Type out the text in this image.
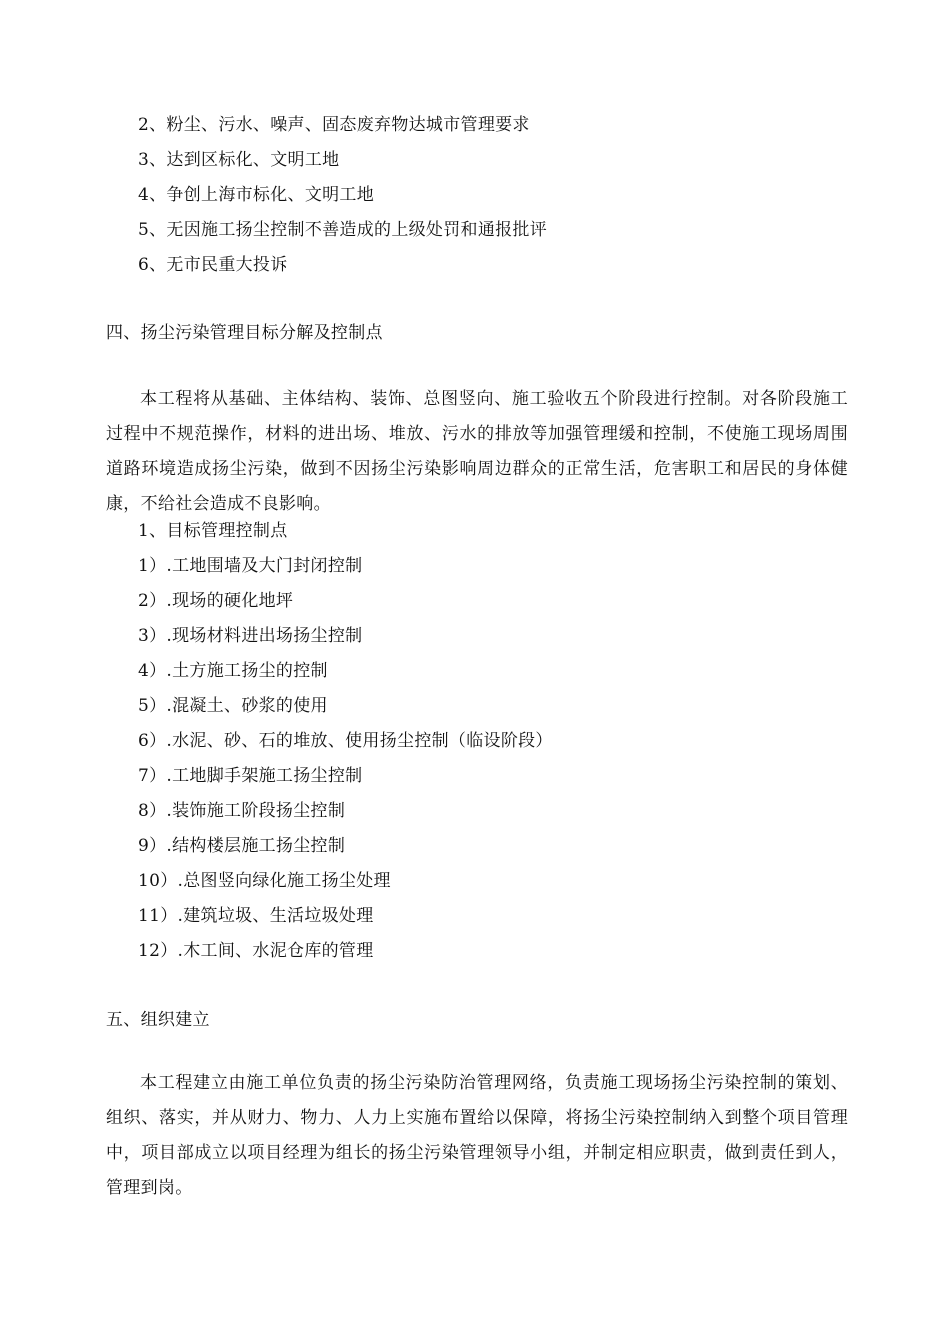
2、粉尘、污水、噪声、固态废弃物达城市管理要求
3、达到区标化、文明工地
4、争创上海市标化、文明工地
5、无因施工扬尘控制不善造成的上级处罚和通报批评
6、无市民重大投诉
四、扬尘污染管理目标分解及控制点

本工程将从基础、主体结构、装饰、总图竖向、施工验收五个阶段进行控制。对各阶段施工过程中不规范操作，材料的进出场、堆放、污水的排放等加强管理缓和控制，不使施工现场周围道路环境造成扬尘污染，做到不因扬尘污染影响周边群众的正常生活，危害职工和居民的身体健康，不给社会造成不良影响。

1、目标管理控制点
1）.工地围墙及大门封闭控制
2）.现场的硬化地坪
3）.现场材料进出场扬尘控制
4）.土方施工扬尘的控制
5）.混凝土、砂浆的使用
6）.水泥、砂、石的堆放、使用扬尘控制（临设阶段）
7）.工地脚手架施工扬尘控制
8）.装饰施工阶段扬尘控制
9）.结构楼层施工扬尘控制
10）.总图竖向绿化施工扬尘处理
11）.建筑垃圾、生活垃圾处理
12）.木工间、水泥仓库的管理
五、组织建立

本工程建立由施工单位负责的扬尘污染防治管理网络，负责施工现场扬尘污染控制的策划、组织、落实，并从财力、物力、人力上实施布置给以保障，将扬尘污染控制纳入到整个项目管理中，项目部成立以项目经理为组长的扬尘污染管理领导小组，并制定相应职责，做到责任到人，管理到岗。
